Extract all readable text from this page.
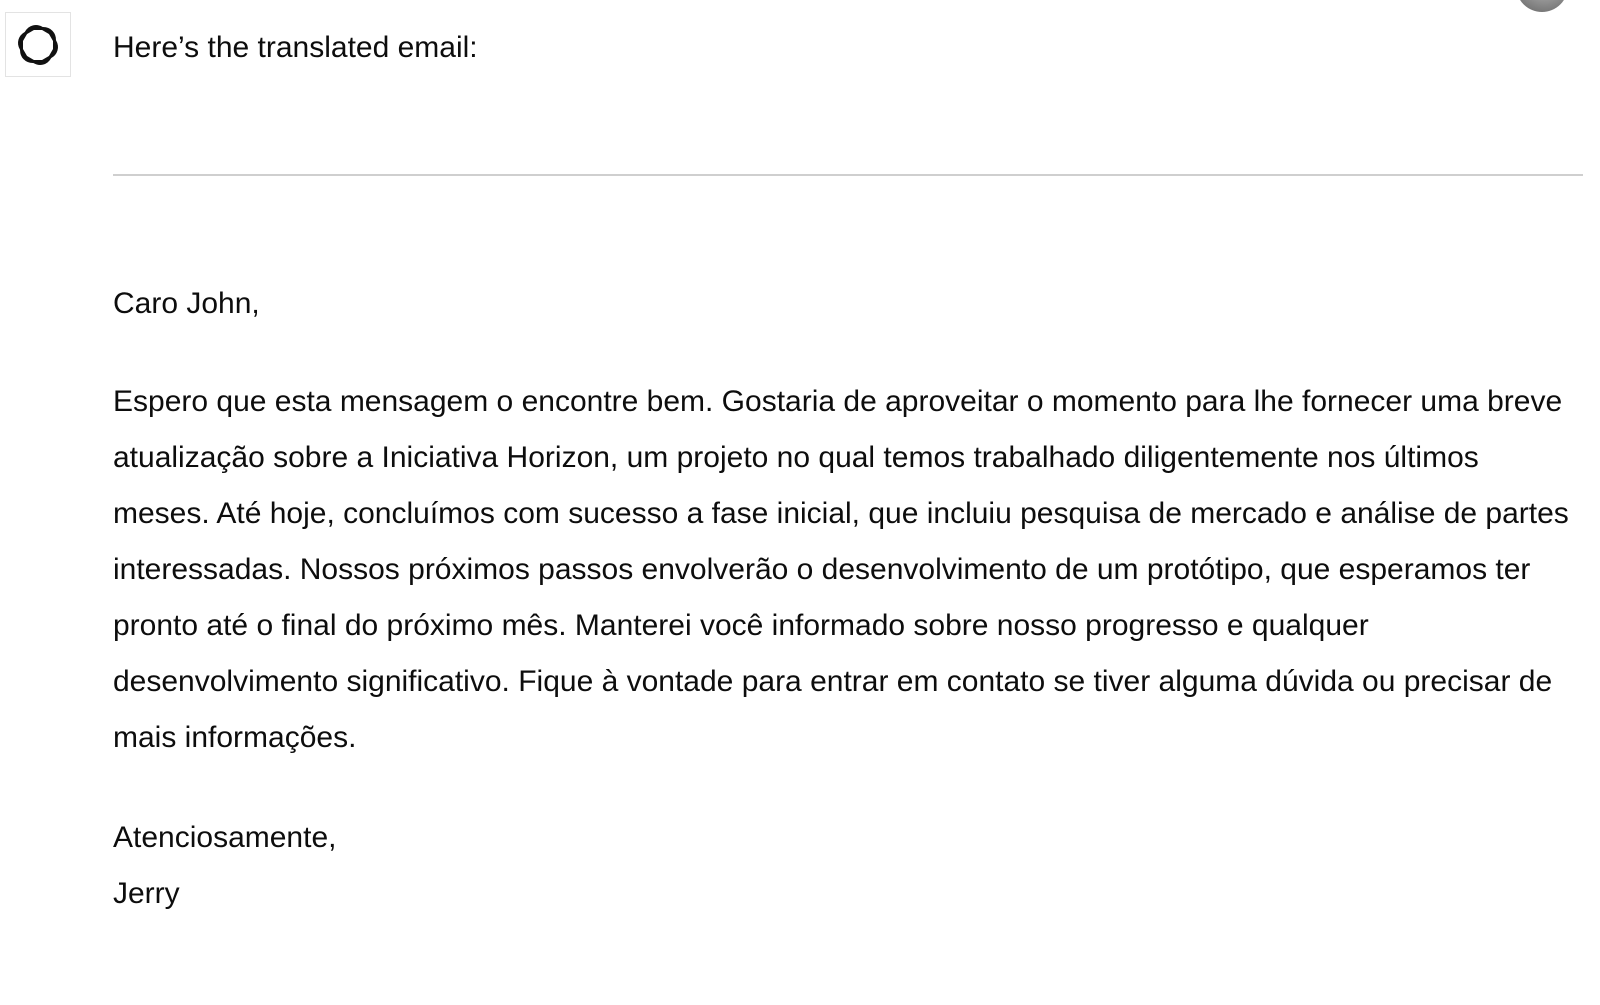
Here’s the translated email:
Caro John,

Espero que esta mensagem o encontre bem. Gostaria de aproveitar o momento para lhe fornecer uma breve atualização sobre a Iniciativa Horizon, um projeto no qual temos trabalhado diligentemente nos últimos meses. Até hoje, concluímos com sucesso a fase inicial, que incluiu pesquisa de mercado e análise de partes interessadas. Nossos próximos passos envolverão o desenvolvimento de um protótipo, que esperamos ter pronto até o final do próximo mês. Manterei você informado sobre nosso progresso e qualquer desenvolvimento significativo. Fique à vontade para entrar em contato se tiver alguma dúvida ou precisar de mais informações.

Atenciosamente,
Jerry
